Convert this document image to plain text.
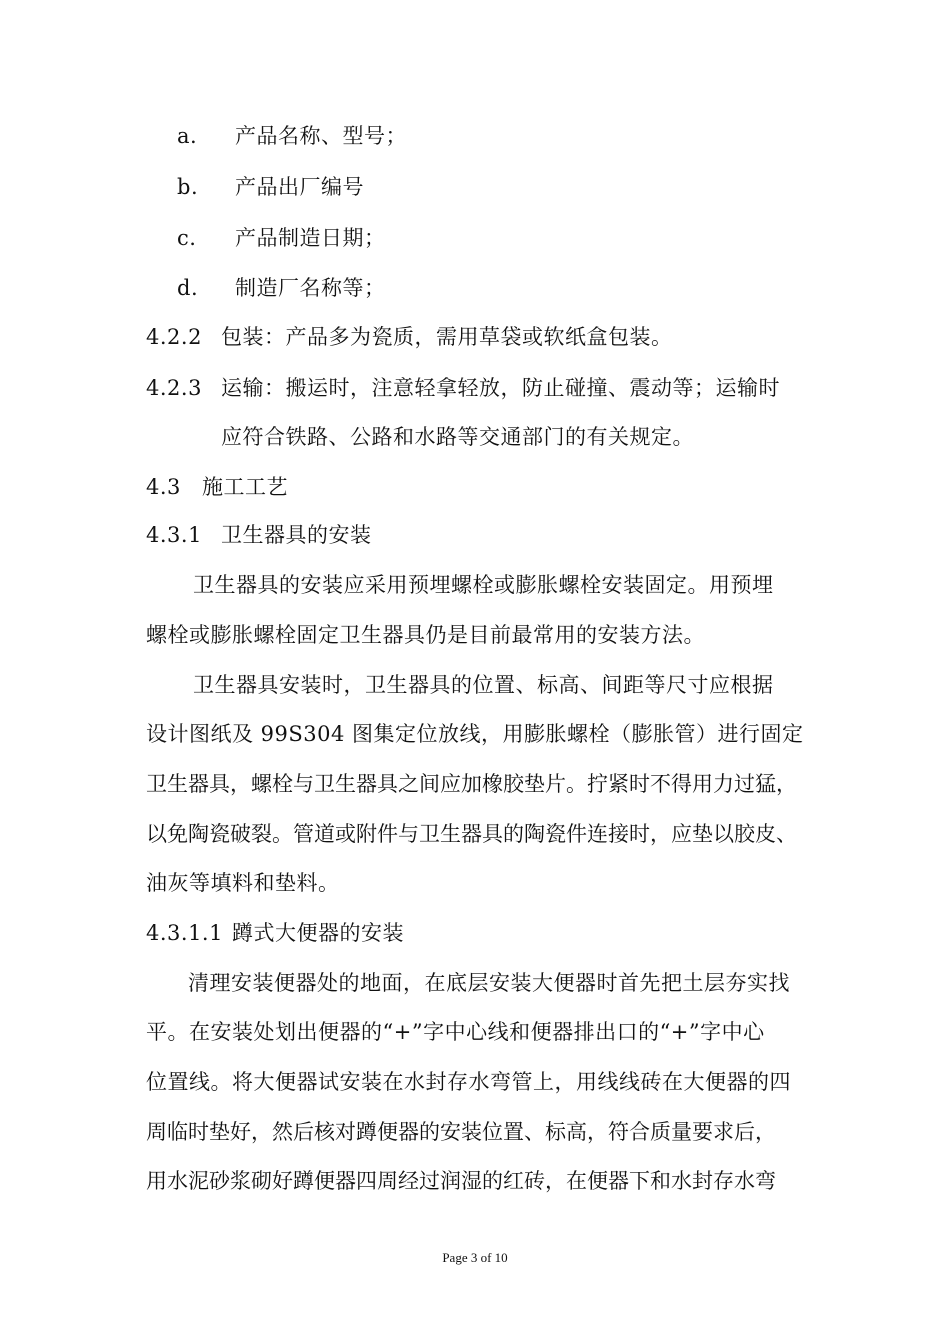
a. 产品名称、型号；
b. 产品出厂编号
c. 产品制造日期；
d. 制造厂名称等；
4.2.2 包装：产品多为瓷质，需用草袋或软纸盒包装。
4.2.3 运输：搬运时，注意轻拿轻放，防止碰撞、震动等；运输时
应符合铁路、公路和水路等交通部门的有关规定。
4.3 施工工艺
4.3.1 卫生器具的安装
卫生器具的安装应采用预埋螺栓或膨胀螺栓安装固定。用预埋
螺栓或膨胀螺栓固定卫生器具仍是目前最常用的安装方法。
卫生器具安装时，卫生器具的位置、标高、间距等尺寸应根据
设计图纸及 99S304 图集定位放线，用膨胀螺栓（膨胀管）进行固定
卫生器具，螺栓与卫生器具之间应加橡胶垫片。拧紧时不得用力过猛，
以免陶瓷破裂。管道或附件与卫生器具的陶瓷件连接时，应垫以胶皮、
油灰等填料和垫料。
4.3.1.1 蹲式大便器的安装
清理安装便器处的地面，在底层安装大便器时首先把土层夯实找
平。在安装处划出便器的“+”字中心线和便器排出口的“+”字中心
位置线。将大便器试安装在水封存水弯管上，用线线砖在大便器的四
周临时垫好，然后核对蹲便器的安装位置、标高，符合质量要求后，
用水泥砂浆砌好蹲便器四周经过润湿的红砖，在便器下和水封存水弯
Page 3 of 10
